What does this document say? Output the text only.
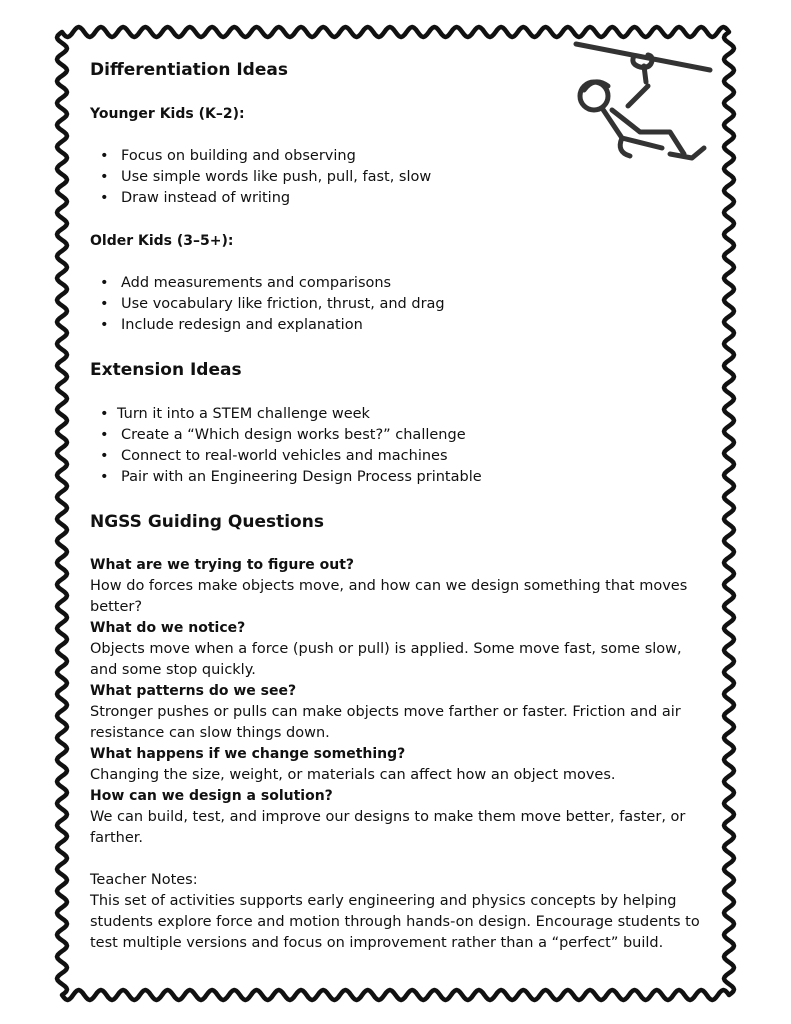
Differentiation Ideas
Younger Kids (K–2):
• Focus on building and observing
• Use simple words like push, pull, fast, slow
• Draw instead of writing
Older Kids (3–5+):
• Add measurements and comparisons
• Use vocabulary like friction, thrust, and drag
• Include redesign and explanation
Extension Ideas
• Turn it into a STEM challenge week
• Create a “Which design works best?” challenge
• Connect to real-world vehicles and machines
• Pair with an Engineering Design Process printable
NGSS Guiding Questions
What are we trying to figure out?

How do forces make objects move, and how can we design something that moves better?

What do we notice?

Objects move when a force (push or pull) is applied. Some move fast, some slow, and some stop quickly.

What patterns do we see?

Stronger pushes or pulls can make objects move farther or faster. Friction and air resistance can slow things down.

What happens if we change something?

Changing the size, weight, or materials can affect how an object moves.

How can we design a solution?

We can build, test, and improve our designs to make them move better, faster, or farther.

Teacher Notes:

This set of activities supports early engineering and physics concepts by helping students explore force and motion through hands-on design. Encourage students to test multiple versions and focus on improvement rather than a “perfect” build.
